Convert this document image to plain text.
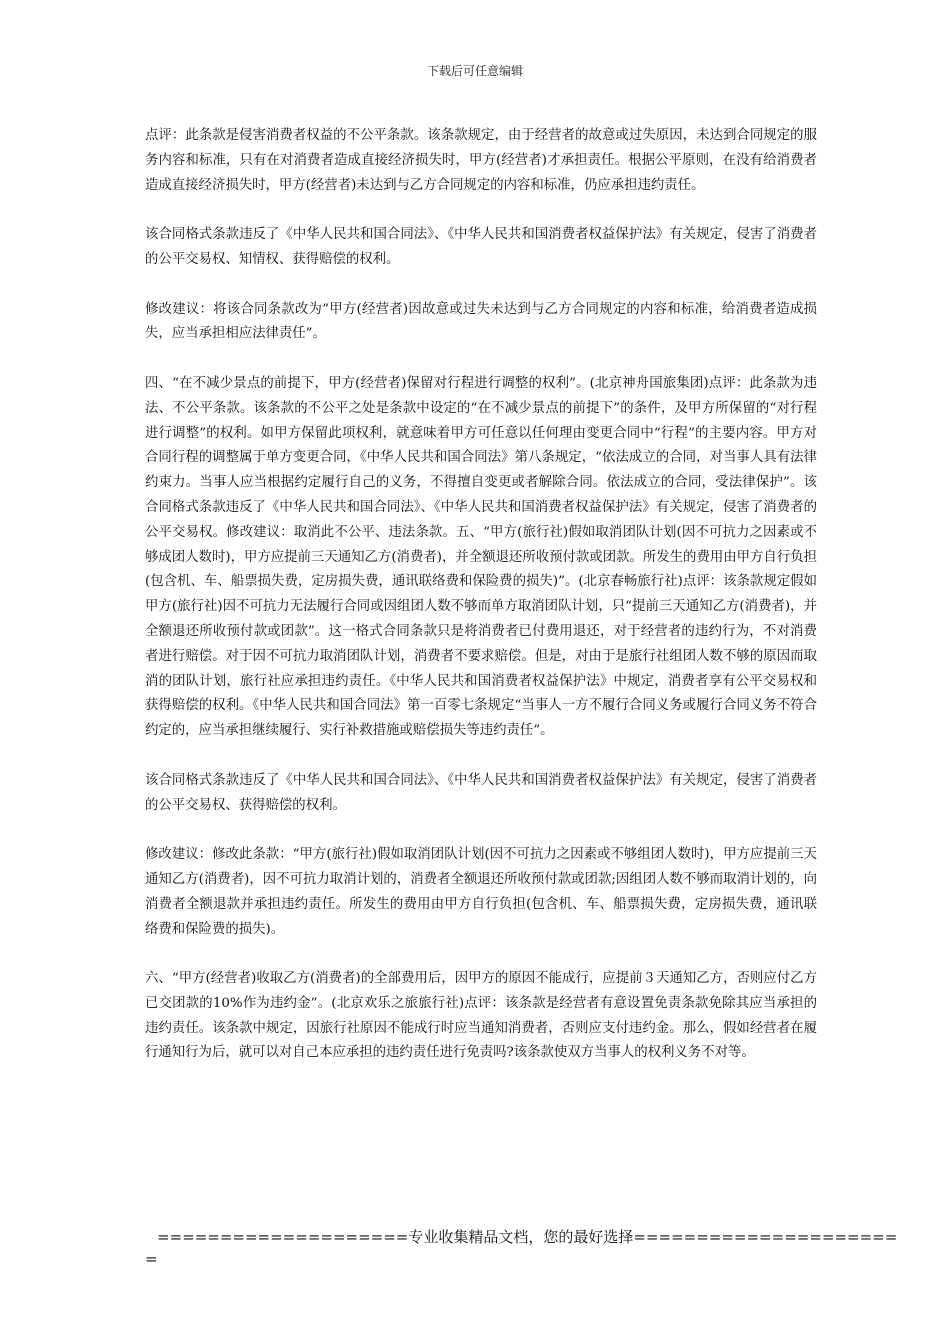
下载后可任意编辑

点评：此条款是侵害消费者权益的不公平条款。该条款规定，由于经营者的故意或过失原因，未达到合同规定的服务内容和标准，只有在对消费者造成直接经济损失时，甲方(经营者)才承担责任。根据公平原则，在没有给消费者造成直接经济损失时，甲方(经营者)未达到与乙方合同规定的内容和标准，仍应承担违约责任。

该合同格式条款违反了《中华人民共和国合同法》、《中华人民共和国消费者权益保护法》有关规定，侵害了消费者的公平交易权、知情权、获得赔偿的权利。

修改建议：将该合同条款改为“甲方(经营者)因故意或过失未达到与乙方合同规定的内容和标准，给消费者造成损失，应当承担相应法律责任”。

四、“在不减少景点的前提下，甲方(经营者)保留对行程进行调整的权利”。(北京神舟国旅集团)点评：此条款为违法、不公平条款。该条款的不公平之处是条款中设定的“在不减少景点的前提下”的条件，及甲方所保留的“对行程进行调整”的权利。如甲方保留此项权利，就意味着甲方可任意以任何理由变更合同中“行程”的主要内容。甲方对合同行程的调整属于单方变更合同，《中华人民共和国合同法》第八条规定，“依法成立的合同，对当事人具有法律约束力。当事人应当根据约定履行自己的义务，不得擅自变更或者解除合同。依法成立的合同，受法律保护”。该合同格式条款违反了《中华人民共和国合同法》、《中华人民共和国消费者权益保护法》有关规定，侵害了消费者的公平交易权。修改建议：取消此不公平、违法条款。五、“甲方(旅行社)假如取消团队计划(因不可抗力之因素或不够成团人数时)，甲方应提前三天通知乙方(消费者)，并全额退还所收预付款或团款。所发生的费用由甲方自行负担(包含机、车、船票损失费，定房损失费，通讯联络费和保险费的损失)”。(北京春畅旅行社)点评：该条款规定假如甲方(旅行社)因不可抗力无法履行合同或因组团人数不够而单方取消团队计划，只“提前三天通知乙方(消费者)，并全额退还所收预付款或团款”。这一格式合同条款只是将消费者已付费用退还，对于经营者的违约行为，不对消费者进行赔偿。对于因不可抗力取消团队计划，消费者不要求赔偿。但是，对由于是旅行社组团人数不够的原因而取消的团队计划，旅行社应承担违约责任。《中华人民共和国消费者权益保护法》中规定，消费者享有公平交易权和获得赔偿的权利。《中华人民共和国合同法》第一百零七条规定“当事人一方不履行合同义务或履行合同义务不符合约定的，应当承担继续履行、实行补救措施或赔偿损失等违约责任”。

该合同格式条款违反了《中华人民共和国合同法》、《中华人民共和国消费者权益保护法》有关规定，侵害了消费者的公平交易权、获得赔偿的权利。

修改建议：修改此条款：“甲方(旅行社)假如取消团队计划(因不可抗力之因素或不够组团人数时)，甲方应提前三天通知乙方(消费者)，因不可抗力取消计划的，消费者全额退还所收预付款或团款;因组团人数不够而取消计划的，向消费者全额退款并承担违约责任。所发生的费用由甲方自行负担(包含机、车、船票损失费，定房损失费，通讯联络费和保险费的损失)。

六、“甲方(经营者)收取乙方(消费者)的全部费用后，因甲方的原因不能成行，应提前３天通知乙方，否则应付乙方已交团款的10%作为违约金”。(北京欢乐之旅旅行社)点评：该条款是经营者有意设置免责条款免除其应当承担的违约责任。该条款中规定，因旅行社原因不能成行时应当通知消费者，否则应支付违约金。那么，假如经营者在履行通知行为后，就可以对自己本应承担的违约责任进行免责吗?该条款使双方当事人的权利义务不对等。

====================专业收集精品文档，您的最好选择=====================
=
